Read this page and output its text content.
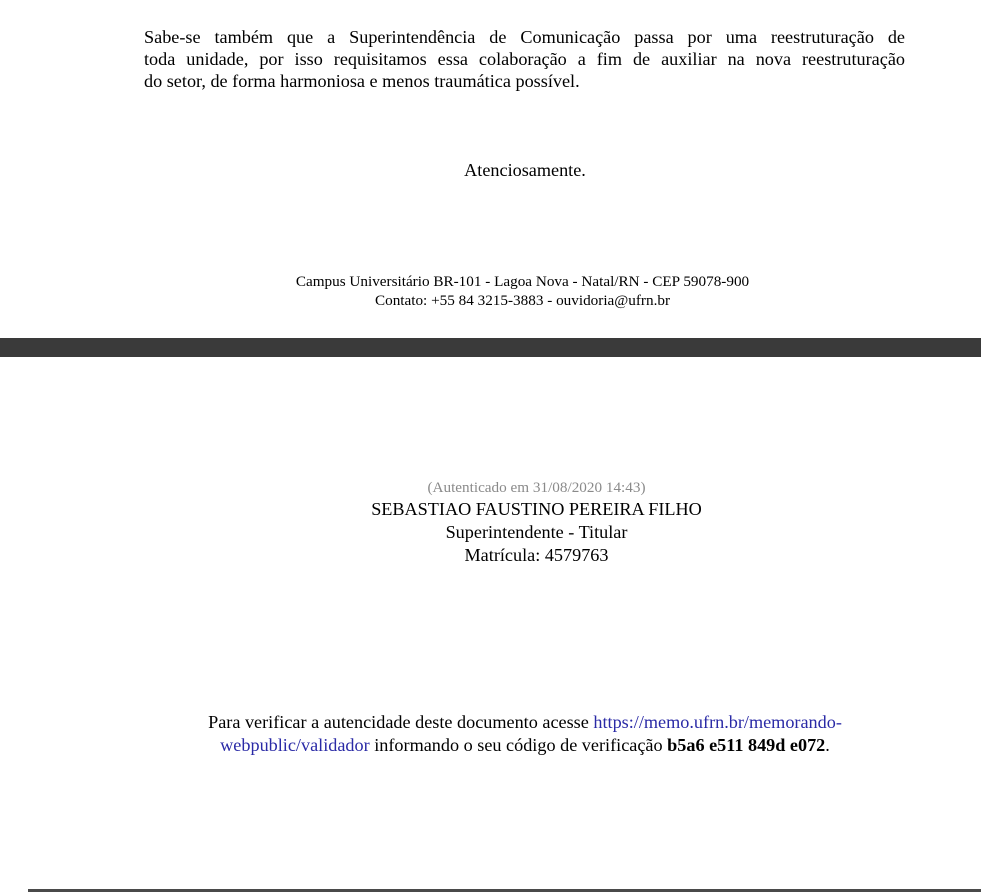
Sabe-se também que a Superintendência de Comunicação passa por uma reestruturação de
toda unidade, por isso requisitamos essa colaboração a fim de auxiliar na nova reestruturação
do setor, de forma harmoniosa e menos traumática possível.
Atenciosamente.
Campus Universitário BR-101 - Lagoa Nova - Natal/RN - CEP 59078-900
Contato: +55 84 3215-3883 - ouvidoria@ufrn.br
(Autenticado em 31/08/2020 14:43)
SEBASTIAO FAUSTINO PEREIRA FILHO
Superintendente - Titular
Matrícula: 4579763
Para verificar a autencidade deste documento acesse https://memo.ufrn.br/memorando-
webpublic/validador informando o seu código de verificação b5a6 e511 849d e072.
